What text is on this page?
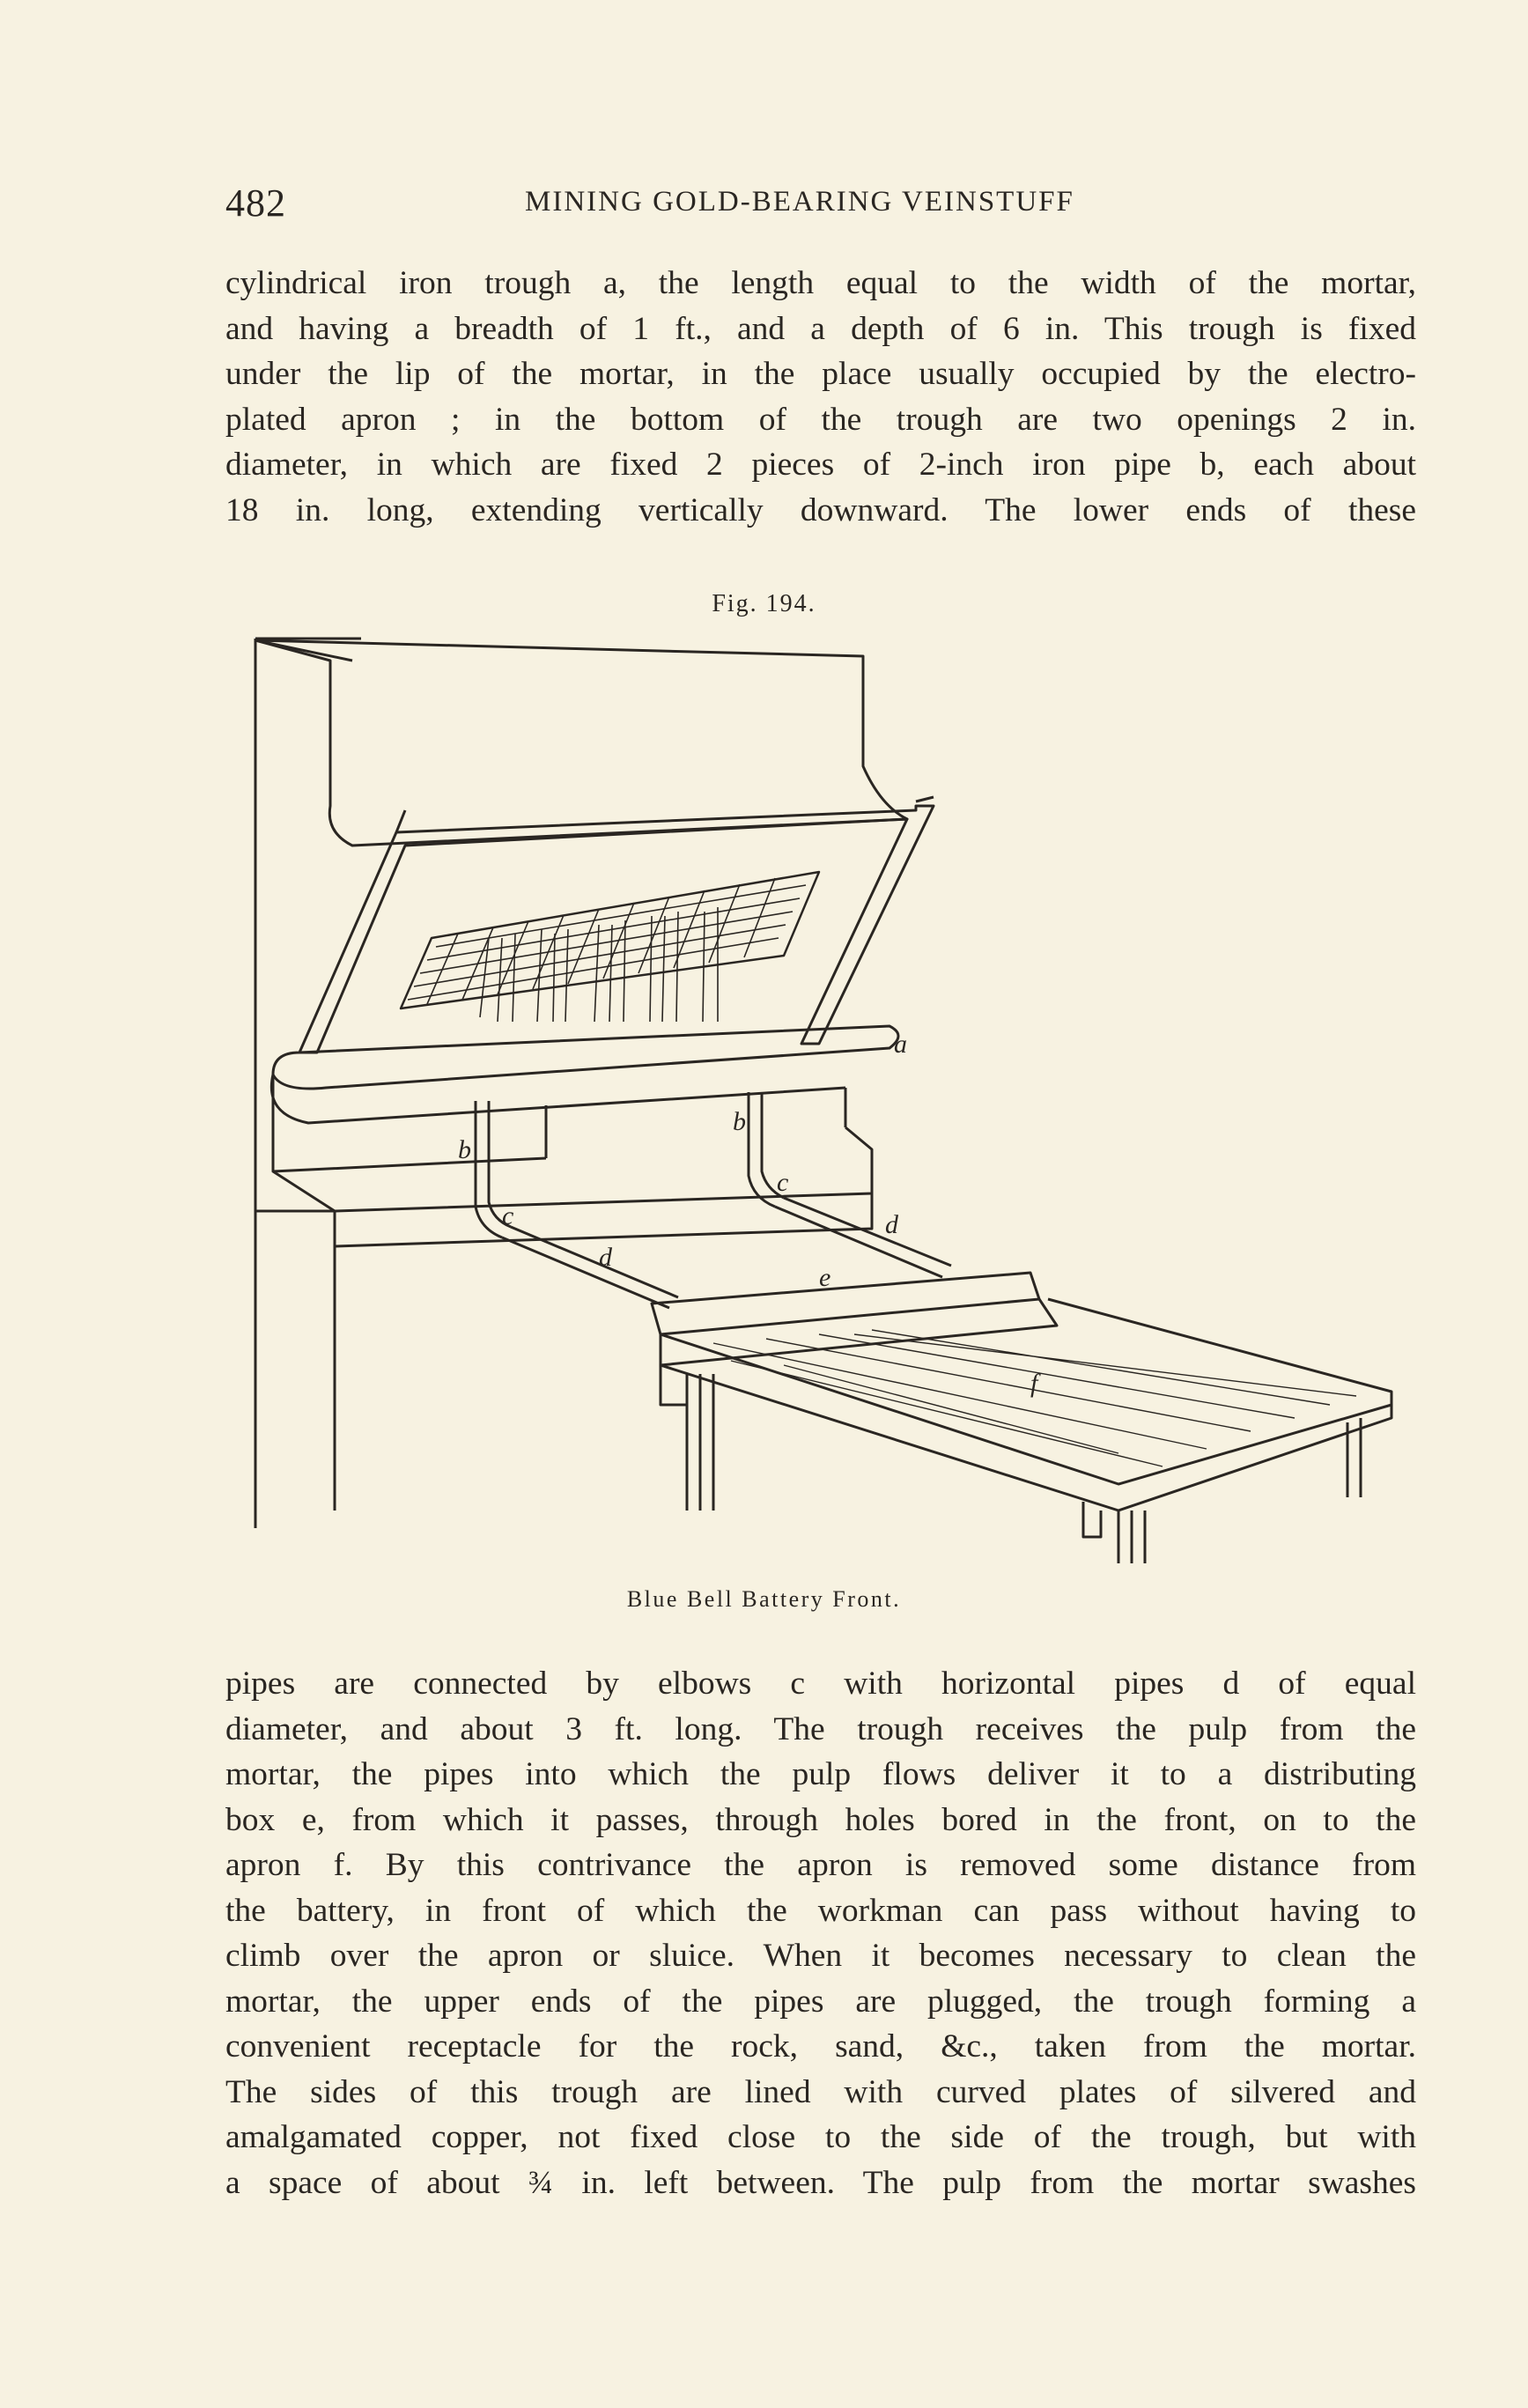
482	MINING GOLD-BEARING VEINSTUFF
cylindrical iron trough a, the length equal to the width of the mortar,
and having a breadth of 1 ft., and a depth of 6 in. This trough is fixed
under the lip of the mortar, in the place usually occupied by the electro-
plated apron ; in the bottom of the trough are two openings 2 in.
diameter, in which are fixed 2 pieces of 2-inch iron pipe b, each about
18 in. long, extending vertically downward. The lower ends of these
Fig. 194.
a
b
b
c
c
d
d
e
f
Blue Bell Battery Front.
pipes are connected by elbows c with horizontal pipes d of equal
diameter, and about 3 ft. long. The trough receives the pulp from the
mortar, the pipes into which the pulp flows deliver it to a distributing
box e, from which it passes, through holes bored in the front, on to the
apron f. By this contrivance the apron is removed some distance from
the battery, in front of which the workman can pass without having to
climb over the apron or sluice. When it becomes necessary to clean the
mortar, the upper ends of the pipes are plugged, the trough forming a
convenient receptacle for the rock, sand, &c., taken from the mortar.
The sides of this trough are lined with curved plates of silvered and
amalgamated copper, not fixed close to the side of the trough, but with
a space of about ¾ in. left between. The pulp from the mortar swashes
